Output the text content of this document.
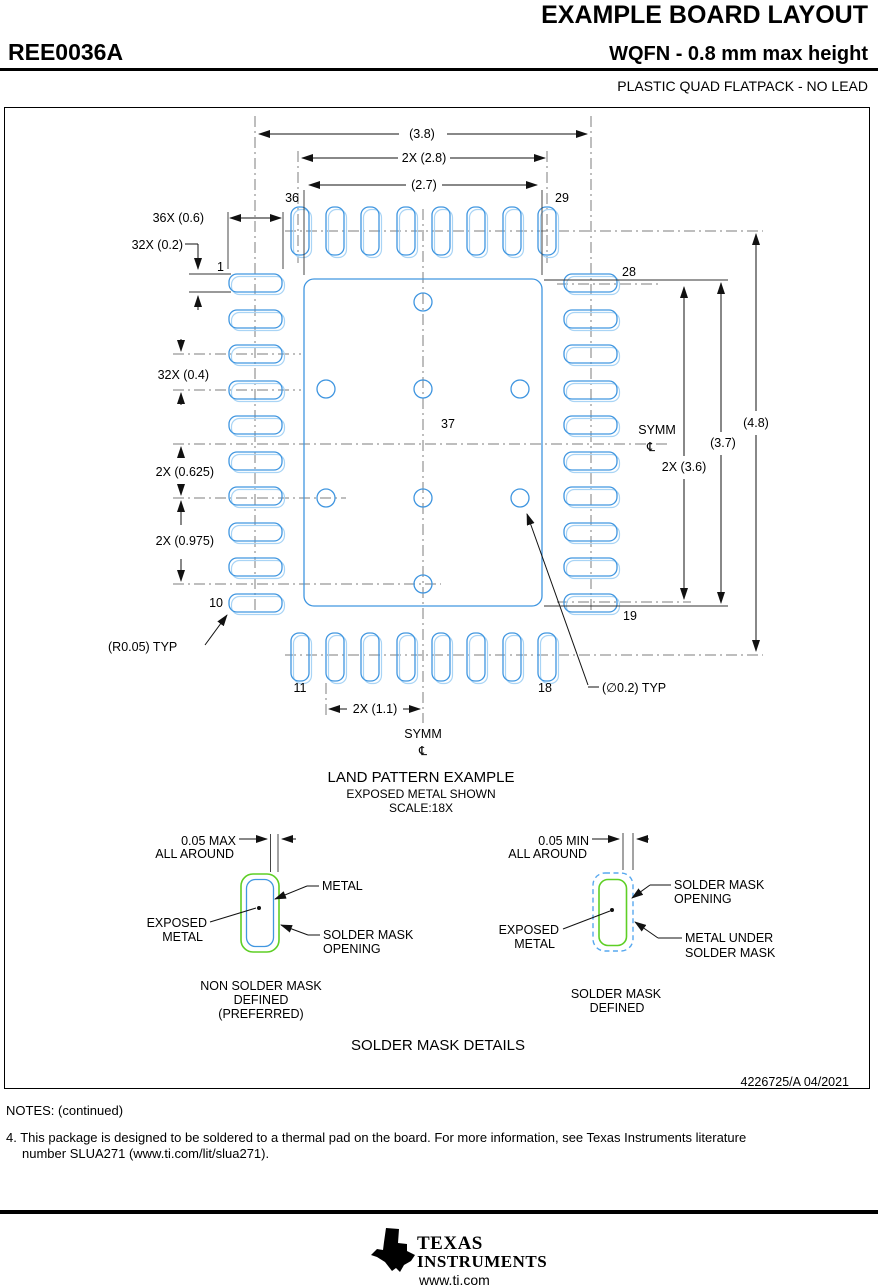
EXAMPLE BOARD LAYOUT
REE0036A	WQFN - 0.8 mm max height
PLASTIC QUAD FLATPACK - NO LEAD
(3.8)
2X (2.8)
(2.7)
36X (0.6)
32X (0.2)
32X (0.4)
2X (0.625)
2X (0.975)
(R0.05) TYP
2X (1.1)
(4.8)
(3.7)
2X (3.6)
(∅0.2) TYP
SYMM
℄
SYMM
℄
36	29
1	28
10
19
11	18
37
LAND PATTERN EXAMPLE
EXPOSED METAL SHOWN
SCALE:18X
0.05 MAX
ALL AROUND
METAL
EXPOSED
METAL	SOLDER MASK
OPENING
NON SOLDER MASK
DEFINED
(PREFERRED)
0.05 MIN
ALL AROUND
SOLDER MASK
OPENING
EXPOSED
METAL	METAL UNDER
SOLDER MASK
SOLDER MASK
DEFINED
SOLDER MASK DETAILS
4226725/A 04/2021
NOTES: (continued)
4. This package is designed to be soldered to a thermal pad on the board. For more information, see Texas Instruments literature
number SLUA271 (www.ti.com/lit/slua271).
ti TEXAS
INSTRUMENTS
www.ti.com
